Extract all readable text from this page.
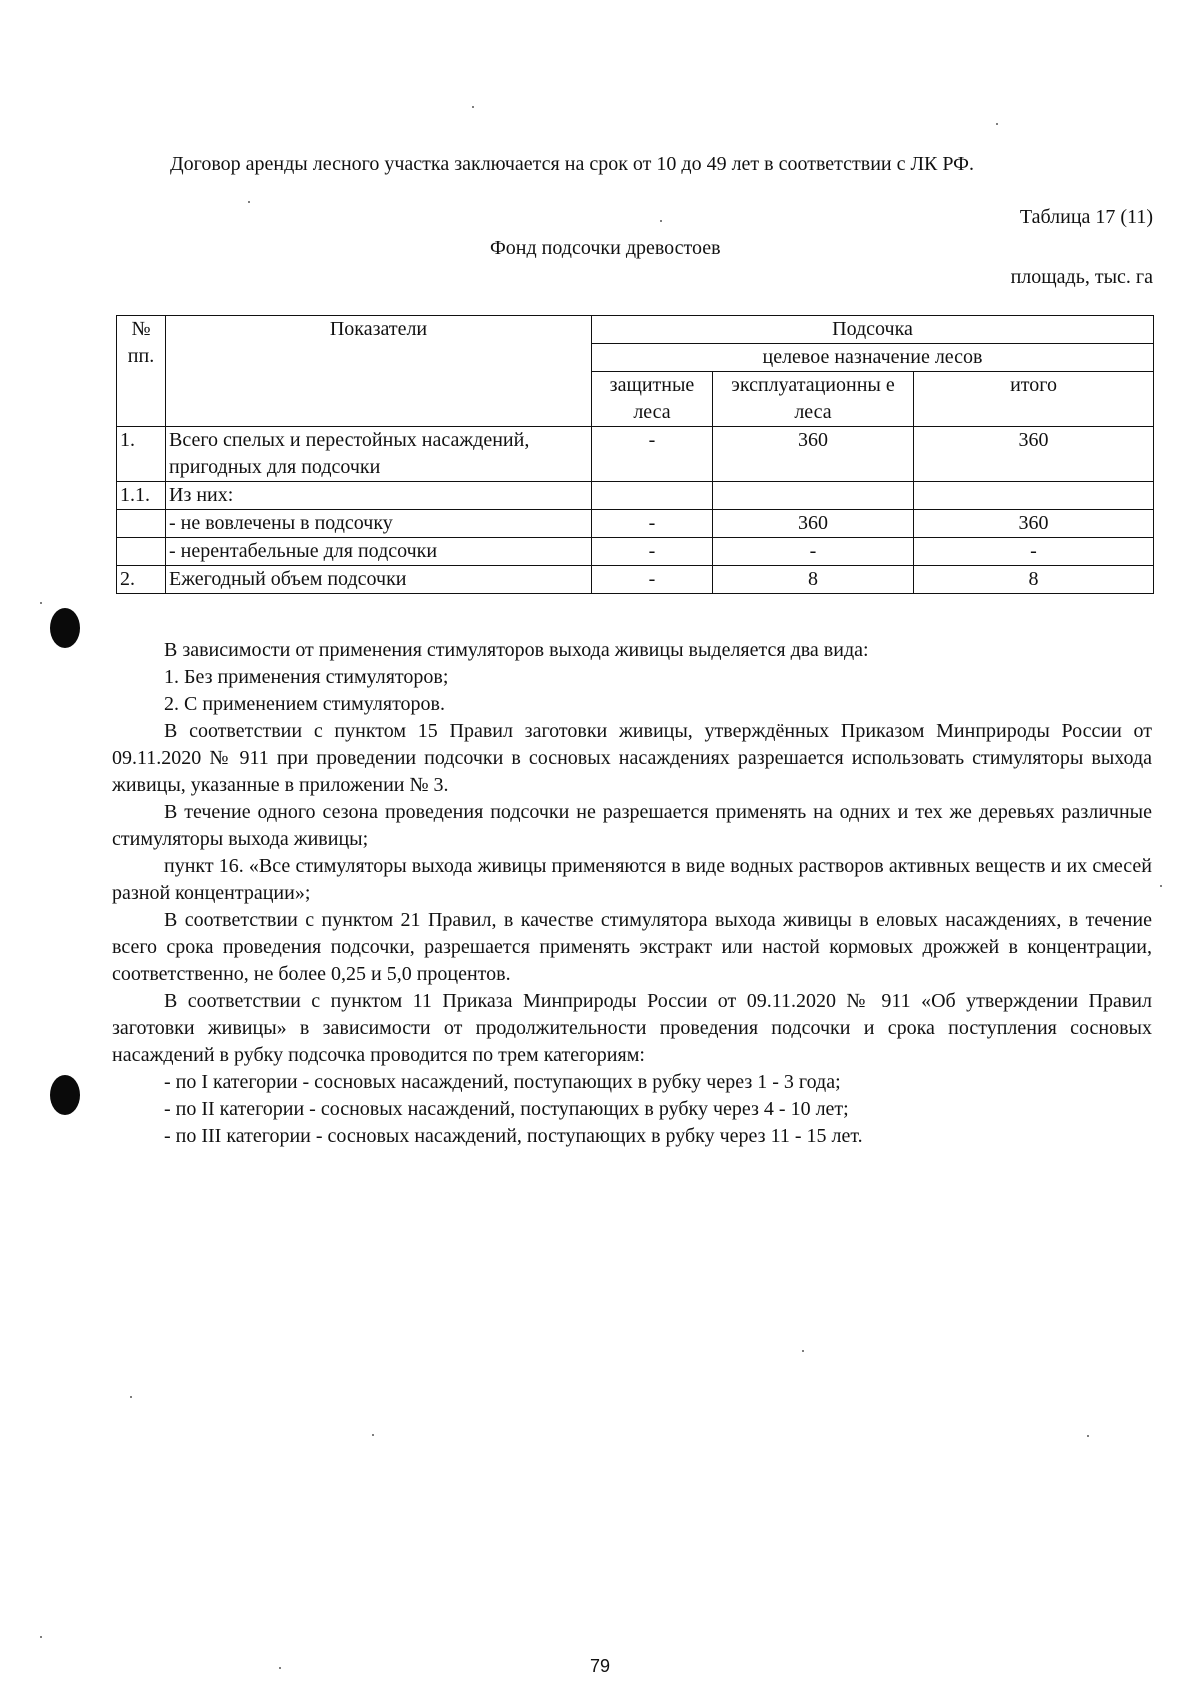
Договор аренды лесного участка заключается на срок от 10 до 49 лет в соответствии с ЛК РФ.
Таблица 17 (11)
Фонд подсочки древостоев
площадь, тыс. га
№ пп.	Показатели	Подсочка		
		целевое назначение лесов		
		защитные леса	эксплуатационны е леса	итого
1.	Всего спелых и перестойных насаждений, пригодных для подсочки	-	360	360
1.1.	Из них:			
	- не вовлечены в подсочку	-	360	360
	- нерентабельные для подсочки	-	-	-
2.	Ежегодный объем подсочки	-	8	8

В зависимости от применения стимуляторов выхода живицы выделяется два вида:

1. Без применения стимуляторов;

2. С применением стимуляторов.

В соответствии с пунктом 15 Правил заготовки живицы, утверждённых Приказом Минприроды России от 09.11.2020 № 911 при проведении подсочки в сосновых насаждениях разрешается использовать стимуляторы выхода живицы, указанные в приложении № 3.

В течение одного сезона проведения подсочки не разрешается применять на одних и тех же деревьях различные стимуляторы выхода живицы;

пункт 16. «Все стимуляторы выхода живицы применяются в виде водных растворов активных веществ и их смесей разной концентрации»;

В соответствии с пунктом 21 Правил, в качестве стимулятора выхода живицы в еловых насаждениях, в течение всего срока проведения подсочки, разрешается применять экстракт или настой кормовых дрожжей в концентрации, соответственно, не более 0,25 и 5,0 процентов.

В соответствии с пунктом 11 Приказа Минприроды России от 09.11.2020 № 911 «Об утверждении Правил заготовки живицы» в зависимости от продолжительности проведения подсочки и срока поступления сосновых насаждений в рубку подсочка проводится по трем категориям:

- по I категории - сосновых насаждений, поступающих в рубку через 1 - 3 года;

- по II категории - сосновых насаждений, поступающих в рубку через 4 - 10 лет;

- по III категории - сосновых насаждений, поступающих в рубку через 11 - 15 лет.

79
